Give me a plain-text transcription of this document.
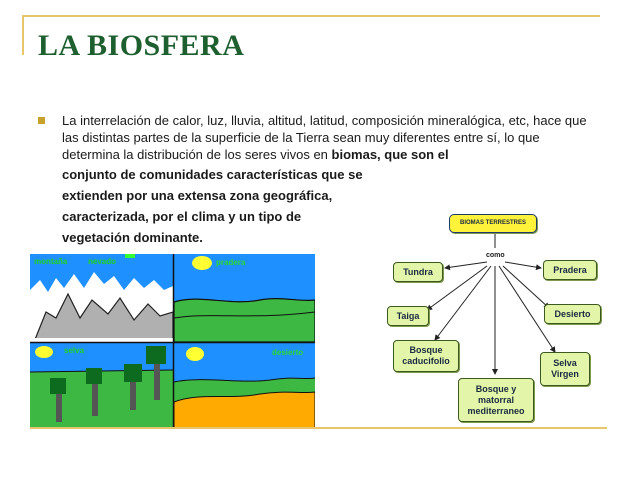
LA BIOSFERA

La interrelación de calor, luz, lluvia, altitud, latitud, composición mineralógica, etc, hace que las distintas partes de la superficie de la Tierra sean muy diferentes entre sí, lo que determina la distribución de los seres vivos en biomas, que son el

conjunto de comunidades características que se
extienden por una extensa zona geográfica,
caracterizada, por el clima y un tipo de
vegetación dominante.
montaña	nevado	pradera
selva	desierto
BIOMAS TERRESTRES
como
Tundra	Pradera
Taiga	Desierto
Bosque
caducifolio	Selva
Virgen
Bosque y
matorral
mediterraneo
